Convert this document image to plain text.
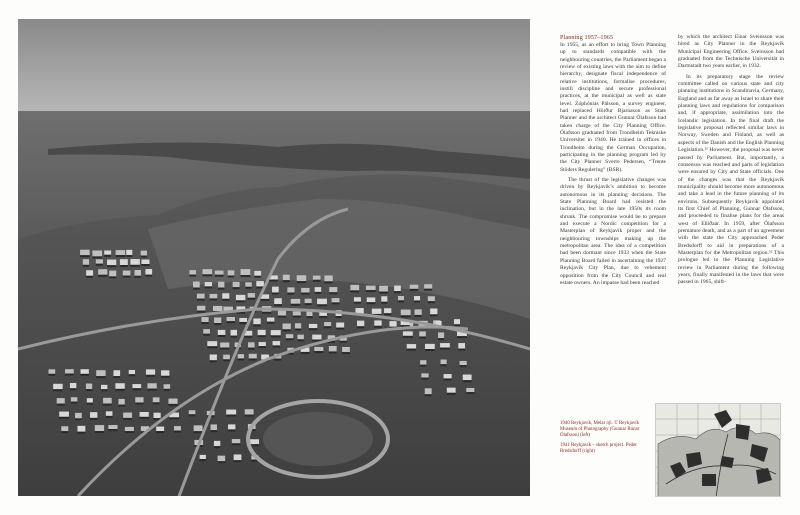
Planning 1957–1965

In 1955, as an effort to bring Town Planning up to standards compatible with the neighbouring countries, the Parliament began a review of existing laws with the aim to define hierarchy, designate fiscal independence of relative institutions, formalise procedures, instill discipline and secure professional practices, at the municipal as well as state level. Zóphónías Pálsson, a survey engineer, had replaced Hörður Bjarnason as State Planner and the architect Gunnar Ólafsson had taken charge of the City Planning Office. Ólafsson graduated from Trondheim Tekniske Universitet in 1940. He trained in offices in Trondheim during the German Occupation, participating in the planning program led by the City Planner Sverre Pedersen, “Trente Stöders Regulering” (BSR).

The thrust of the legislative changes was driven by Reykjavík’s ambition to become autonomous in its planning decisions. The State Planning Board had resisted the inclination, but in the late 1950s its room shrunk. The compromise would be to prepare and execute a Nordic competition for a Masterplan of Reykjavík proper and the neighbouring townships making up the metropolitan area. The idea of a competition had been dormant since 1933 when the State Planning Board failed in ascertaining the 1927 Reykjavík City Plan, due to vehement opposition from the City Council and real estate owners. An impasse had been reached

by which the architect Einar Sveinsson was hired as City Planner in the Reykjavík Municipal Engineering Office. Sveinsson had graduated from the Technische Universität in Darmstadt two years earlier, in 1932.

In its preparatory stage the review committee called on various state and city planning institutions in Scandinavia, Germany, England and as far away as Israel to share their planning laws and regulations for comparison and, if appropriate, assimilation into the Icelandic legislation. In the final draft the legislative proposal reflected similar laws in Norway, Sweden and Finland, as well as aspects of the Danish and the English Planning Legislation.³¹ However, the proposal was never passed by Parliament. But, importantly, a consensus was reached and parts of legislation were ensured by City and State officials. One of the changes was that the Reykjavík municipality should become more autonomous and take a lead in the future planning of its environs. Subsequently Reykjavík appointed its first Chief of Planning, Gunnar Ólafsson, and proceeded to finalise plans for the areas west of Elliðaár. In 1959, after Ólafsson premature death, and as a part of an agreement with the state the City approached Peder Bredsdorff to aid in preparations of a Masterplan for the Metropolitan region.³² This prologue led to the Planning Legislative review in Parliament during the following years, finally manifested in the laws that were passed in 1965, shift-

1940 Reykjavík, Melar ojl. © Reykjavík Museum of Photography (Gunnar Rúnar Ólafsson) (left)

1941 Reykjavík – sketch project. Peder Bredsdorff (right)
